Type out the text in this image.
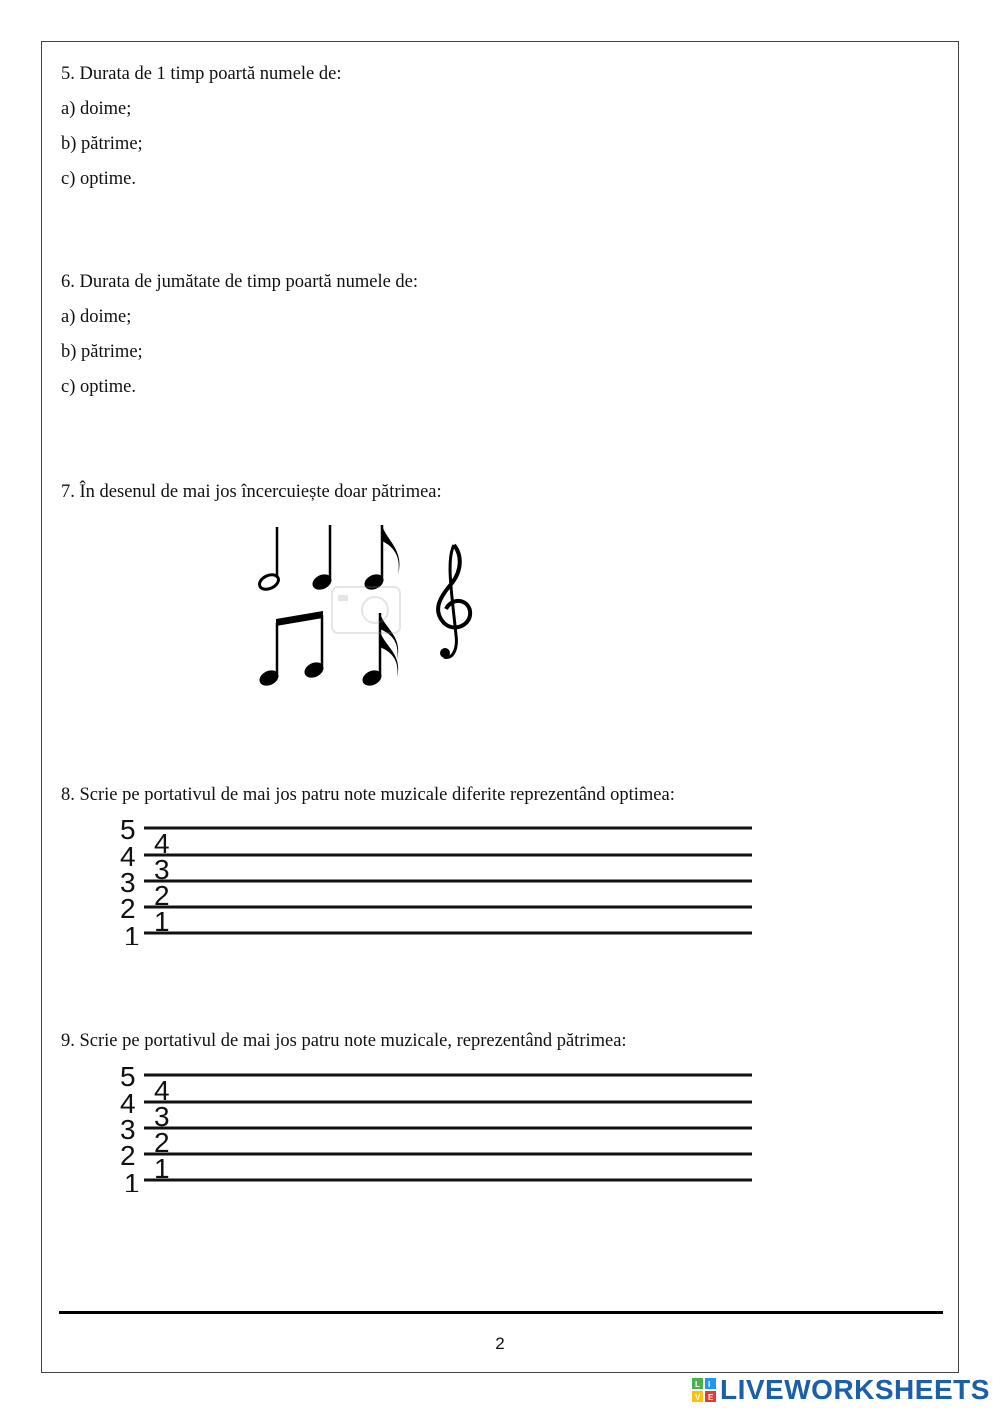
5. Durata de 1 timp poartă numele de:
a) doime;
b) pătrime;
c) optime.
6. Durata de jumătate de timp poartă numele de:
a) doime;
b) pătrime;
c) optime.
7. În desenul de mai jos încercuiește doar pătrimea:
8. Scrie pe portativul de mai jos patru note muzicale diferite reprezentând optimea:
5
4
3
2
1
4
3
2
1
9. Scrie pe portativul de mai jos patru note muzicale, reprezentând pătrimea:
5
4
3
2
1
4
3
2
1
2
L I
V E LIVEWORKSHEETS
